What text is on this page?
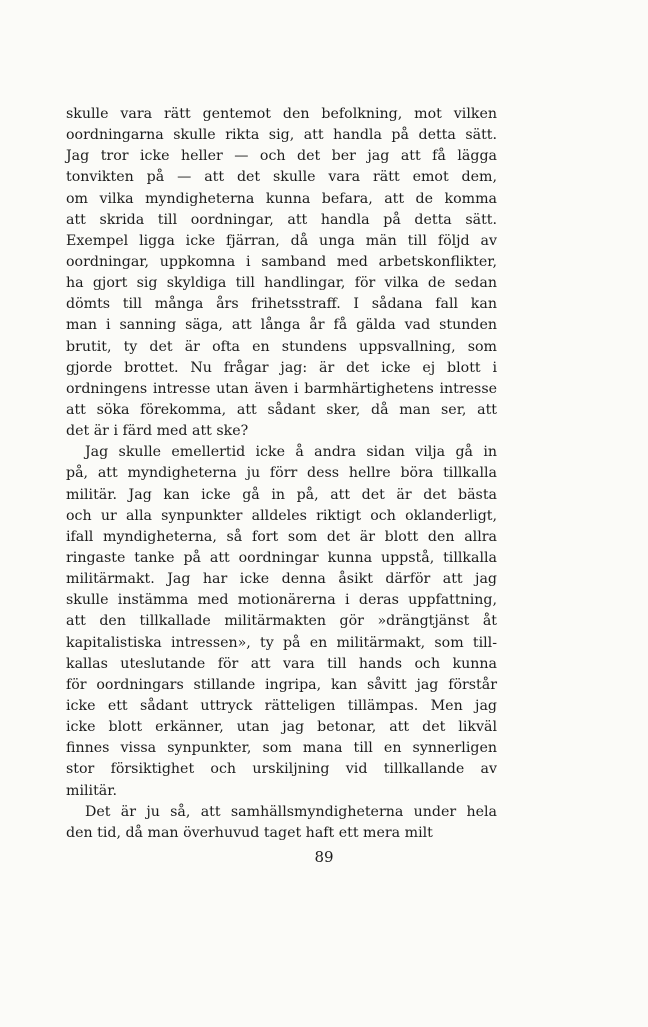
skulle vara rätt gentemot den befolkning, mot vilken
oordningarna skulle rikta sig, att handla på detta sätt.
Jag tror icke heller — och det ber jag att få lägga
tonvikten på — att det skulle vara rätt emot dem,
om vilka myndigheterna kunna befara, att de komma
att skrida till oordningar, att handla på detta sätt.
Exempel ligga icke fjärran, då unga män till följd av
oordningar, uppkomna i samband med arbetskonflikter,
ha gjort sig skyldiga till handlingar, för vilka de sedan
dömts till många års frihetsstraff. I sådana fall kan
man i sanning säga, att långa år få gälda vad stunden
brutit, ty det är ofta en stundens uppsvallning, som
gjorde brottet. Nu frågar jag: är det icke ej blott i
ordningens intresse utan även i barmhärtighetens intresse
att söka förekomma, att sådant sker, då man ser, att
det är i färd med att ske?
Jag skulle emellertid icke å andra sidan vilja gå in
på, att myndigheterna ju förr dess hellre böra tillkalla
militär. Jag kan icke gå in på, att det är det bästa
och ur alla synpunkter alldeles riktigt och oklanderligt,
ifall myndigheterna, så fort som det är blott den allra
ringaste tanke på att oordningar kunna uppstå, tillkalla
militärmakt. Jag har icke denna åsikt därför att jag
skulle instämma med motionärerna i deras uppfattning,
att den tillkallade militärmakten gör »drängtjänst åt
kapitalistiska intressen», ty på en militärmakt, som till-
kallas uteslutande för att vara till hands och kunna
för oordningars stillande ingripa, kan såvitt jag förstår
icke ett sådant uttryck rätteligen tillämpas. Men jag
icke blott erkänner, utan jag betonar, att det likväl
finnes vissa synpunkter, som mana till en synnerligen
stor försiktighet och urskiljning vid tillkallande av
militär.
Det är ju så, att samhällsmyndigheterna under hela
den tid, då man överhuvud taget haft ett mera milt
89
